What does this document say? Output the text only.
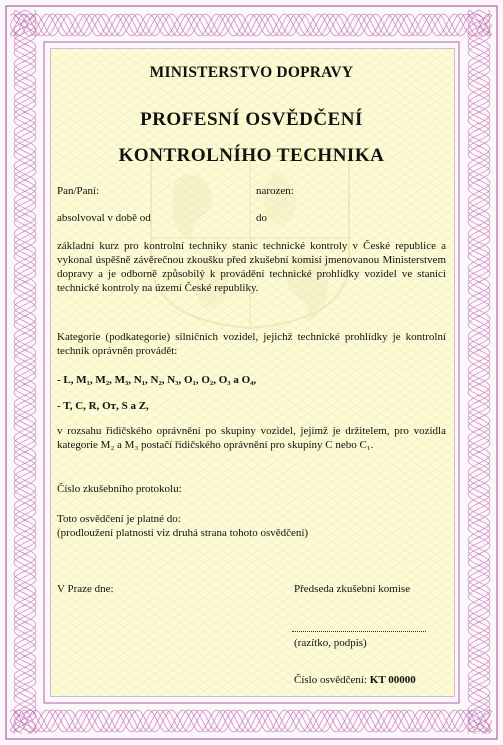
MINISTERSTVO DOPRAVY
PROFESNÍ OSVĚDČENÍ
KONTROLNÍHO TECHNIKA
Pan/Paní:	narozen:
absolvoval v době od	do
základní kurz pro kontrolní techniky stanic technické kontroly v České republice a vykonal úspěšně závěrečnou zkoušku před zkušební komisí jmenovanou Ministerstvem dopravy a je odborně způsobilý k provádění technické prohlídky vozidel ve stanici technické kontroly na území České republiky.
Kategorie (podkategorie) silničních vozidel, jejichž technické prohlídky je kontrolní technik oprávněn provádět:
- L, M₁, M₂, M₃, N₁, N₂, N₃, O₁, O₂, O₃ a O₄,
- T, C, R, Oᴛ, S a Z,
v rozsahu řidičského oprávnění po skupiny vozidel, jejímž je držitelem, pro vozidla kategorie M₂ a M₃ postačí řidičského oprávnění pro skupiny C nebo C₁.
Číslo zkušebního protokolu:
Toto osvědčení je platné do:
(prodloužení platnosti viz druhá strana tohoto osvědčení)
V Praze dne:	Předseda zkušební komise
(razítko, podpis)
Číslo osvědčení: KT 00000
